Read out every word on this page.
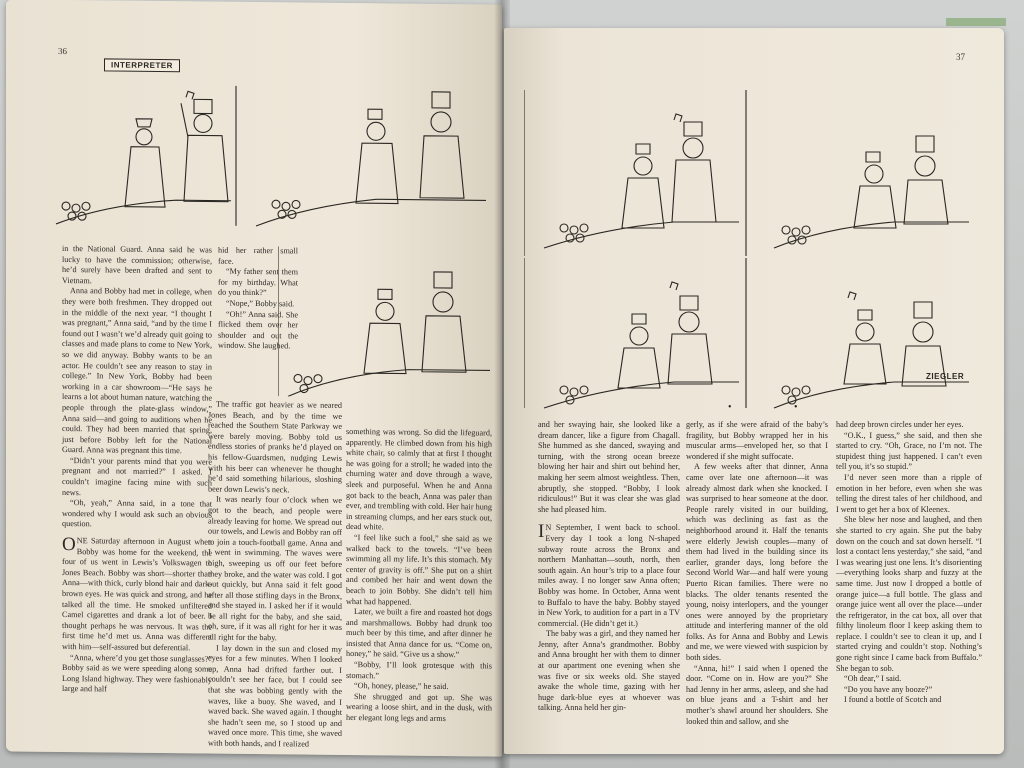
36
INTERPRETER

in the National Guard. Anna said he was lucky to have the commission; otherwise, he’d surely have been drafted and sent to Vietnam.

Anna and Bobby had met in college, when they were both freshmen. They dropped out in the middle of the next year. “I thought I was pregnant,” Anna said, “and by the time I found out I wasn’t we’d already quit going to classes and made plans to come to New York, so we did anyway. Bobby wants to be an actor. He couldn’t see any reason to stay in college.” In New York, Bobby had been working in a car showroom—“He says he learns a lot about human nature, watching the people through the plate-glass window,” Anna said—and going to auditions when he could. They had been married that spring, just before Bobby left for the National Guard. Anna was pregnant this time.

“Didn’t your parents mind that you were pregnant and not married?” I asked. I couldn’t imagine facing mine with such news.

“Oh, yeah,” Anna said, in a tone that wondered why I would ask such an obvious question.

ONE Saturday afternoon in August when Bobby was home for the weekend, the four of us went in Lewis’s Volkswagen to Jones Beach. Bobby was short—shorter than Anna—with thick, curly blond hair and dark-brown eyes. He was quick and strong, and he talked all the time. He smoked unfiltered Camel cigarettes and drank a lot of beer. I thought perhaps he was nervous. It was the first time he’d met us. Anna was different with him—self-assured but deferential.

“Anna, where’d you get those sunglasses?” Bobby said as we were speeding along some Long Island highway. They were fashionably large and half

hid her rather small face.

“My father sent them for my birthday. What do you think?”

“Nope,” Bobby said.

“Oh!” Anna said. She flicked them over her shoulder and out the window. She laughed.

The traffic got heavier as we neared Jones Beach, and by the time we reached the Southern State Parkway we were barely moving. Bobby told us endless stories of pranks he’d played on his fellow-Guardsmen, nudging Lewis with his beer can whenever he thought he’d said something hilarious, sloshing beer down Lewis’s neck.

It was nearly four o’clock when we got to the beach, and people were already leaving for home. We spread out our towels, and Lewis and Bobby ran off to join a touch-football game. Anna and I went in swimming. The waves were high, sweeping us off our feet before they broke, and the water was cold. I got out quickly, but Anna said it felt good after all those stifling days in the Bronx, and she stayed in. I asked her if it would be all right for the baby, and she said, oh, sure, if it was all right for her it was all right for the baby.

I lay down in the sun and closed my eyes for a few minutes. When I looked up, Anna had drifted farther out. I couldn’t see her face, but I could see that she was bobbing gently with the waves, like a buoy. She waved, and I waved back. She waved again. I thought she hadn’t seen me, so I stood up and waved once more. This time, she waved with both hands, and I realized

something was wrong. So did the lifeguard, apparently. He climbed down from his high white chair, so calmly that at first I thought he was going for a stroll; he waded into the churning water and dove through a wave, sleek and purposeful. When he and Anna got back to the beach, Anna was paler than ever, and trembling with cold. Her hair hung in streaming clumps, and her ears stuck out, dead white.

“I feel like such a fool,” she said as we walked back to the towels. “I’ve been swimming all my life. It’s this stomach. My center of gravity is off.” She put on a shirt and combed her hair and went down the beach to join Bobby. She didn’t tell him what had happened.

Later, we built a fire and roasted hot dogs and marshmallows. Bobby had drunk too much beer by this time, and after dinner he insisted that Anna dance for us. “Come on, honey,” he said. “Give us a show.”

“Bobby, I’ll look grotesque with this stomach.”

“Oh, honey, please,” he said.

She shrugged and got up. She was wearing a loose shirt, and in the dusk, with her elegant long legs and arms

37
ZIEGLER
• •

and her swaying hair, she looked like a dream dancer, like a figure from Chagall. She hummed as she danced, swaying and turning, with the strong ocean breeze blowing her hair and shirt out behind her, making her seem almost weightless. Then, abruptly, she stopped. “Bobby, I look ridiculous!” But it was clear she was glad she had pleased him.

I N September, I went back to school. Every day I took a long N-shaped subway route across the Bronx and northern Manhattan—south, north, then south again. An hour’s trip to a place four miles away. I no longer saw Anna often; Bobby was home. In October, Anna went to Buffalo to have the baby. Bobby stayed in New York, to audition for a part in a TV commercial. (He didn’t get it.)

The baby was a girl, and they named her Jenny, after Anna’s grandmother. Bobby and Anna brought her with them to dinner at our apartment one evening when she was five or six weeks old. She stayed awake the whole time, gazing with her huge dark-blue eyes at whoever was talking. Anna held her gin-

gerly, as if she were afraid of the baby’s fragility, but Bobby wrapped her in his muscular arms—enveloped her, so that I wondered if she might suffocate.

A few weeks after that dinner, Anna came over late one afternoon—it was already almost dark when she knocked. I was surprised to hear someone at the door. People rarely visited in our building, which was declining as fast as the neighborhood around it. Half the tenants were elderly Jewish couples—many of them had lived in the building since its earlier, grander days, long before the Second World War—and half were young Puerto Rican families. There were no blacks. The older tenants resented the young, noisy interlopers, and the younger ones were annoyed by the proprietary attitude and interfering manner of the old folks. As for Anna and Bobby and Lewis and me, we were viewed with suspicion by both sides.

“Anna, hi!” I said when I opened the door. “Come on in. How are you?” She had Jenny in her arms, asleep, and she had on blue jeans and a T-shirt and her mother’s shawl around her shoulders. She looked thin and sallow, and she

had deep brown circles under her eyes.

“O.K., I guess,” she said, and then she started to cry. “Oh, Grace, no I’m not. The stupidest thing just happened. I can’t even tell you, it’s so stupid.”

I’d never seen more than a ripple of emotion in her before, even when she was telling the direst tales of her childhood, and I went to get her a box of Kleenex.

She blew her nose and laughed, and then she started to cry again. She put the baby down on the couch and sat down herself. “I lost a contact lens yesterday,” she said, “and I was wearing just one lens. It’s disorienting—everything looks sharp and fuzzy at the same time. Just now I dropped a bottle of orange juice—a full bottle. The glass and orange juice went all over the place—under the refrigerator, in the cat box, all over that filthy linoleum floor I keep asking them to replace. I couldn’t see to clean it up, and I started crying and couldn’t stop. Nothing’s gone right since I came back from Buffalo.” She began to sob.

“Oh dear,” I said.

“Do you have any booze?”

I found a bottle of Scotch and
